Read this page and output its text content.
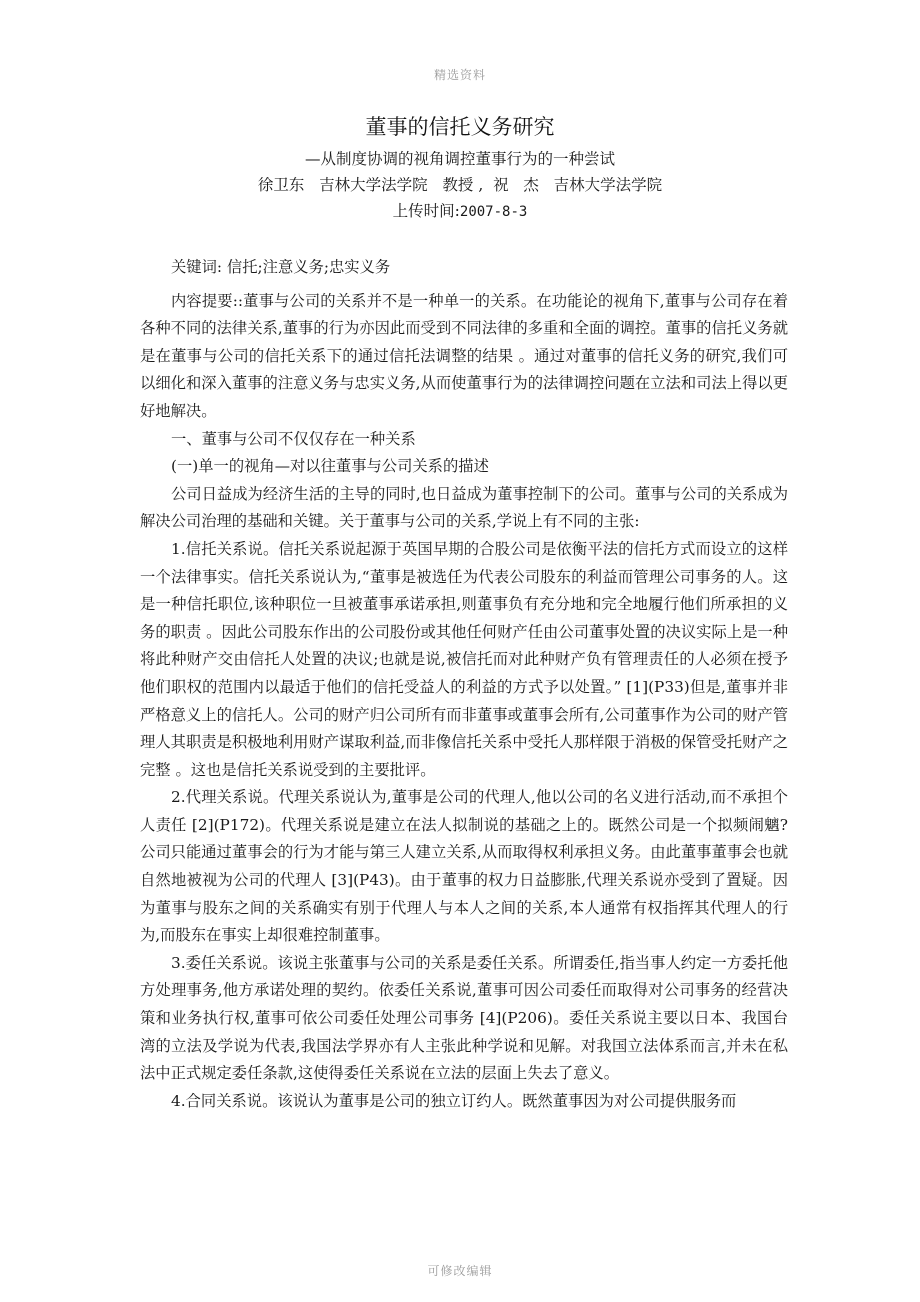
精选资料
董事的信托义务研究

—从制度协调的视角调控董事行为的一种尝试

徐卫东   吉林大学法学院   教授 ,  祝   杰   吉林大学法学院

上传时间:2007-8-3

关键词: 信托;注意义务;忠实义务

内容提要::董事与公司的关系并不是一种单一的关系。在功能论的视角下,董事与公司存在着各种不同的法律关系,董事的行为亦因此而受到不同法律的多重和全面的调控。董事的信托义务就是在董事与公司的信托关系下的通过信托法调整的结果 。通过对董事的信托义务的研究,我们可以细化和深入董事的注意义务与忠实义务,从而使董事行为的法律调控问题在立法和司法上得以更好地解决。

一、董事与公司不仅仅存在一种关系

(一)单一的视角—对以往董事与公司关系的描述

公司日益成为经济生活的主导的同时,也日益成为董事控制下的公司。董事与公司的关系成为解决公司治理的基础和关键。关于董事与公司的关系,学说上有不同的主张:

1.信托关系说。信托关系说起源于英国早期的合股公司是依衡平法的信托方式而设立的这样一个法律事实。信托关系说认为,“董事是被选任为代表公司股东的利益而管理公司事务的人。这是一种信托职位,该种职位一旦被董事承诺承担,则董事负有充分地和完全地履行他们所承担的义务的职责 。因此公司股东作出的公司股份或其他任何财产任由公司董事处置的决议实际上是一种将此种财产交由信托人处置的决议;也就是说,被信托而对此种财产负有管理责任的人必须在授予他们职权的范围内以最适于他们的信托受益人的利益的方式予以处置。” [1](P33)但是,董事并非严格意义上的信托人。公司的财产归公司所有而非董事或董事会所有,公司董事作为公司的财产管理人其职责是积极地利用财产谋取利益,而非像信托关系中受托人那样限于消极的保管受托财产之完整 。这也是信托关系说受到的主要批评。

2.代理关系说。代理关系说认为,董事是公司的代理人,他以公司的名义进行活动,而不承担个人责任 [2](P172)。代理关系说是建立在法人拟制说的基础之上的。既然公司是一个拟频闹魑?公司只能通过董事会的行为才能与第三人建立关系,从而取得权利承担义务。由此董事董事会也就自然地被视为公司的代理人 [3](P43)。由于董事的权力日益膨胀,代理关系说亦受到了置疑。因为董事与股东之间的关系确实有别于代理人与本人之间的关系,本人通常有权指挥其代理人的行为,而股东在事实上却很难控制董事。

3.委任关系说。该说主张董事与公司的关系是委任关系。所谓委任,指当事人约定一方委托他方处理事务,他方承诺处理的契约。依委任关系说,董事可因公司委任而取得对公司事务的经营决策和业务执行权,董事可依公司委任处理公司事务 [4](P206)。委任关系说主要以日本、我国台湾的立法及学说为代表,我国法学界亦有人主张此种学说和见解。对我国立法体系而言,并未在私法中正式规定委任条款,这使得委任关系说在立法的层面上失去了意义。

4.合同关系说。该说认为董事是公司的独立订约人。既然董事因为对公司提供服务而

可修改编辑
